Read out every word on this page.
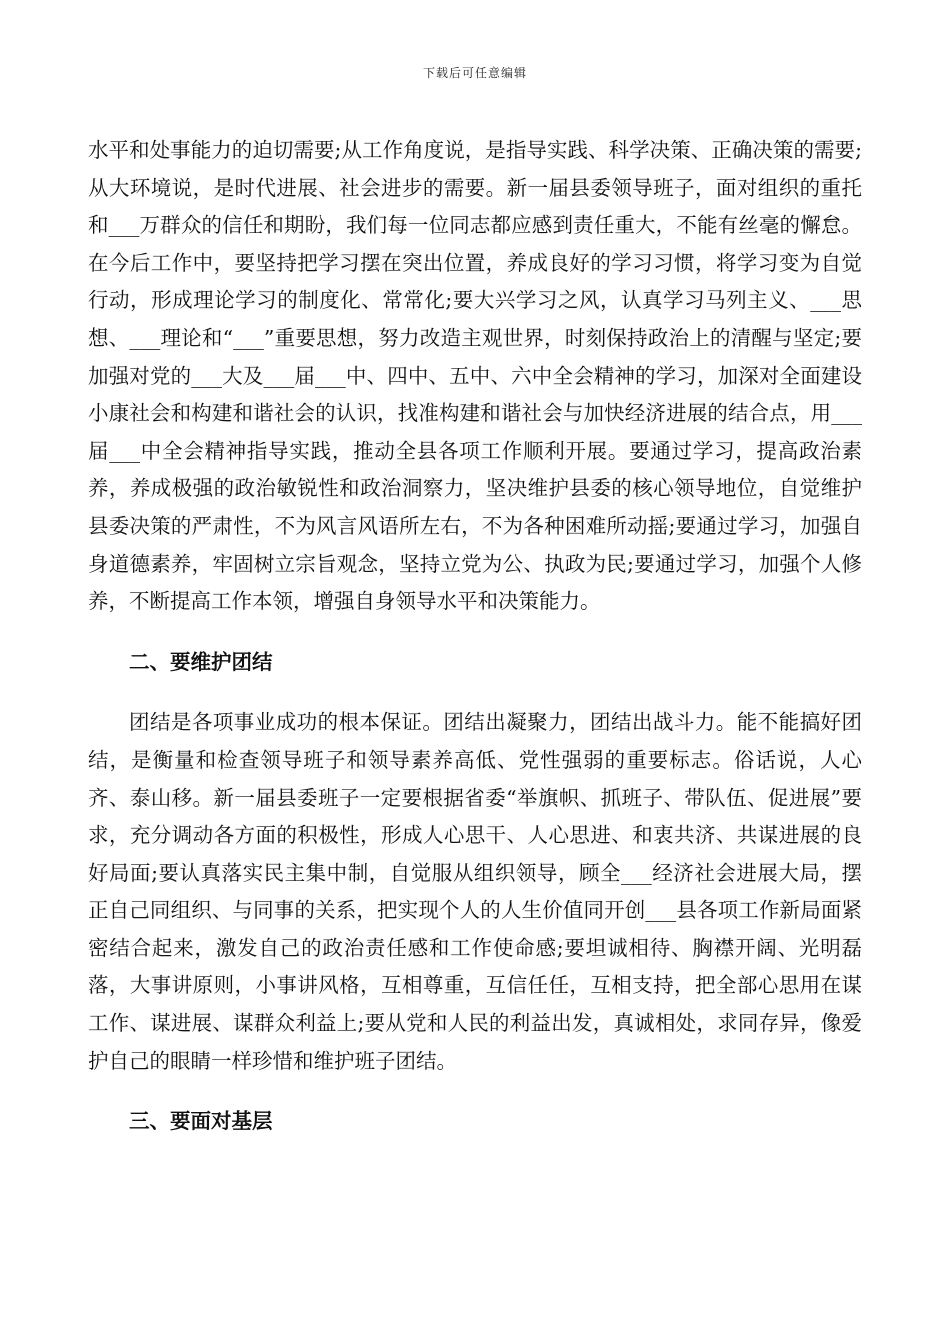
下载后可任意编辑

水平和处事能力的迫切需要;从工作角度说，是指导实践、科学决策、正确决策的需要;从大环境说，是时代进展、社会进步的需要。新一届县委领导班子，面对组织的重托和___万群众的信任和期盼，我们每一位同志都应感到责任重大，不能有丝毫的懈怠。在今后工作中，要坚持把学习摆在突出位置，养成良好的学习习惯，将学习变为自觉行动，形成理论学习的制度化、常常化;要大兴学习之风，认真学习马列主义、___思想、___理论和“___”重要思想，努力改造主观世界，时刻保持政治上的清醒与坚定;要加强对党的___大及___届___中、四中、五中、六中全会精神的学习，加深对全面建设小康社会和构建和谐社会的认识，找准构建和谐社会与加快经济进展的结合点，用___届___中全会精神指导实践，推动全县各项工作顺利开展。要通过学习，提高政治素养，养成极强的政治敏锐性和政治洞察力，坚决维护县委的核心领导地位，自觉维护县委决策的严肃性，不为风言风语所左右，不为各种困难所动摇;要通过学习，加强自身道德素养，牢固树立宗旨观念，坚持立党为公、执政为民;要通过学习，加强个人修养，不断提高工作本领，增强自身领导水平和决策能力。

二、要维护团结

团结是各项事业成功的根本保证。团结出凝聚力，团结出战斗力。能不能搞好团结，是衡量和检查领导班子和领导素养高低、党性强弱的重要标志。俗话说，人心齐、泰山移。新一届县委班子一定要根据省委“举旗帜、抓班子、带队伍、促进展”要求，充分调动各方面的积极性，形成人心思干、人心思进、和衷共济、共谋进展的良好局面;要认真落实民主集中制，自觉服从组织领导，顾全___经济社会进展大局，摆正自己同组织、与同事的关系，把实现个人的人生价值同开创___县各项工作新局面紧密结合起来，激发自己的政治责任感和工作使命感;要坦诚相待、胸襟开阔、光明磊落，大事讲原则，小事讲风格，互相尊重，互信任任，互相支持，把全部心思用在谋工作、谋进展、谋群众利益上;要从党和人民的利益出发，真诚相处，求同存异，像爱护自己的眼睛一样珍惜和维护班子团结。

三、要面对基层
